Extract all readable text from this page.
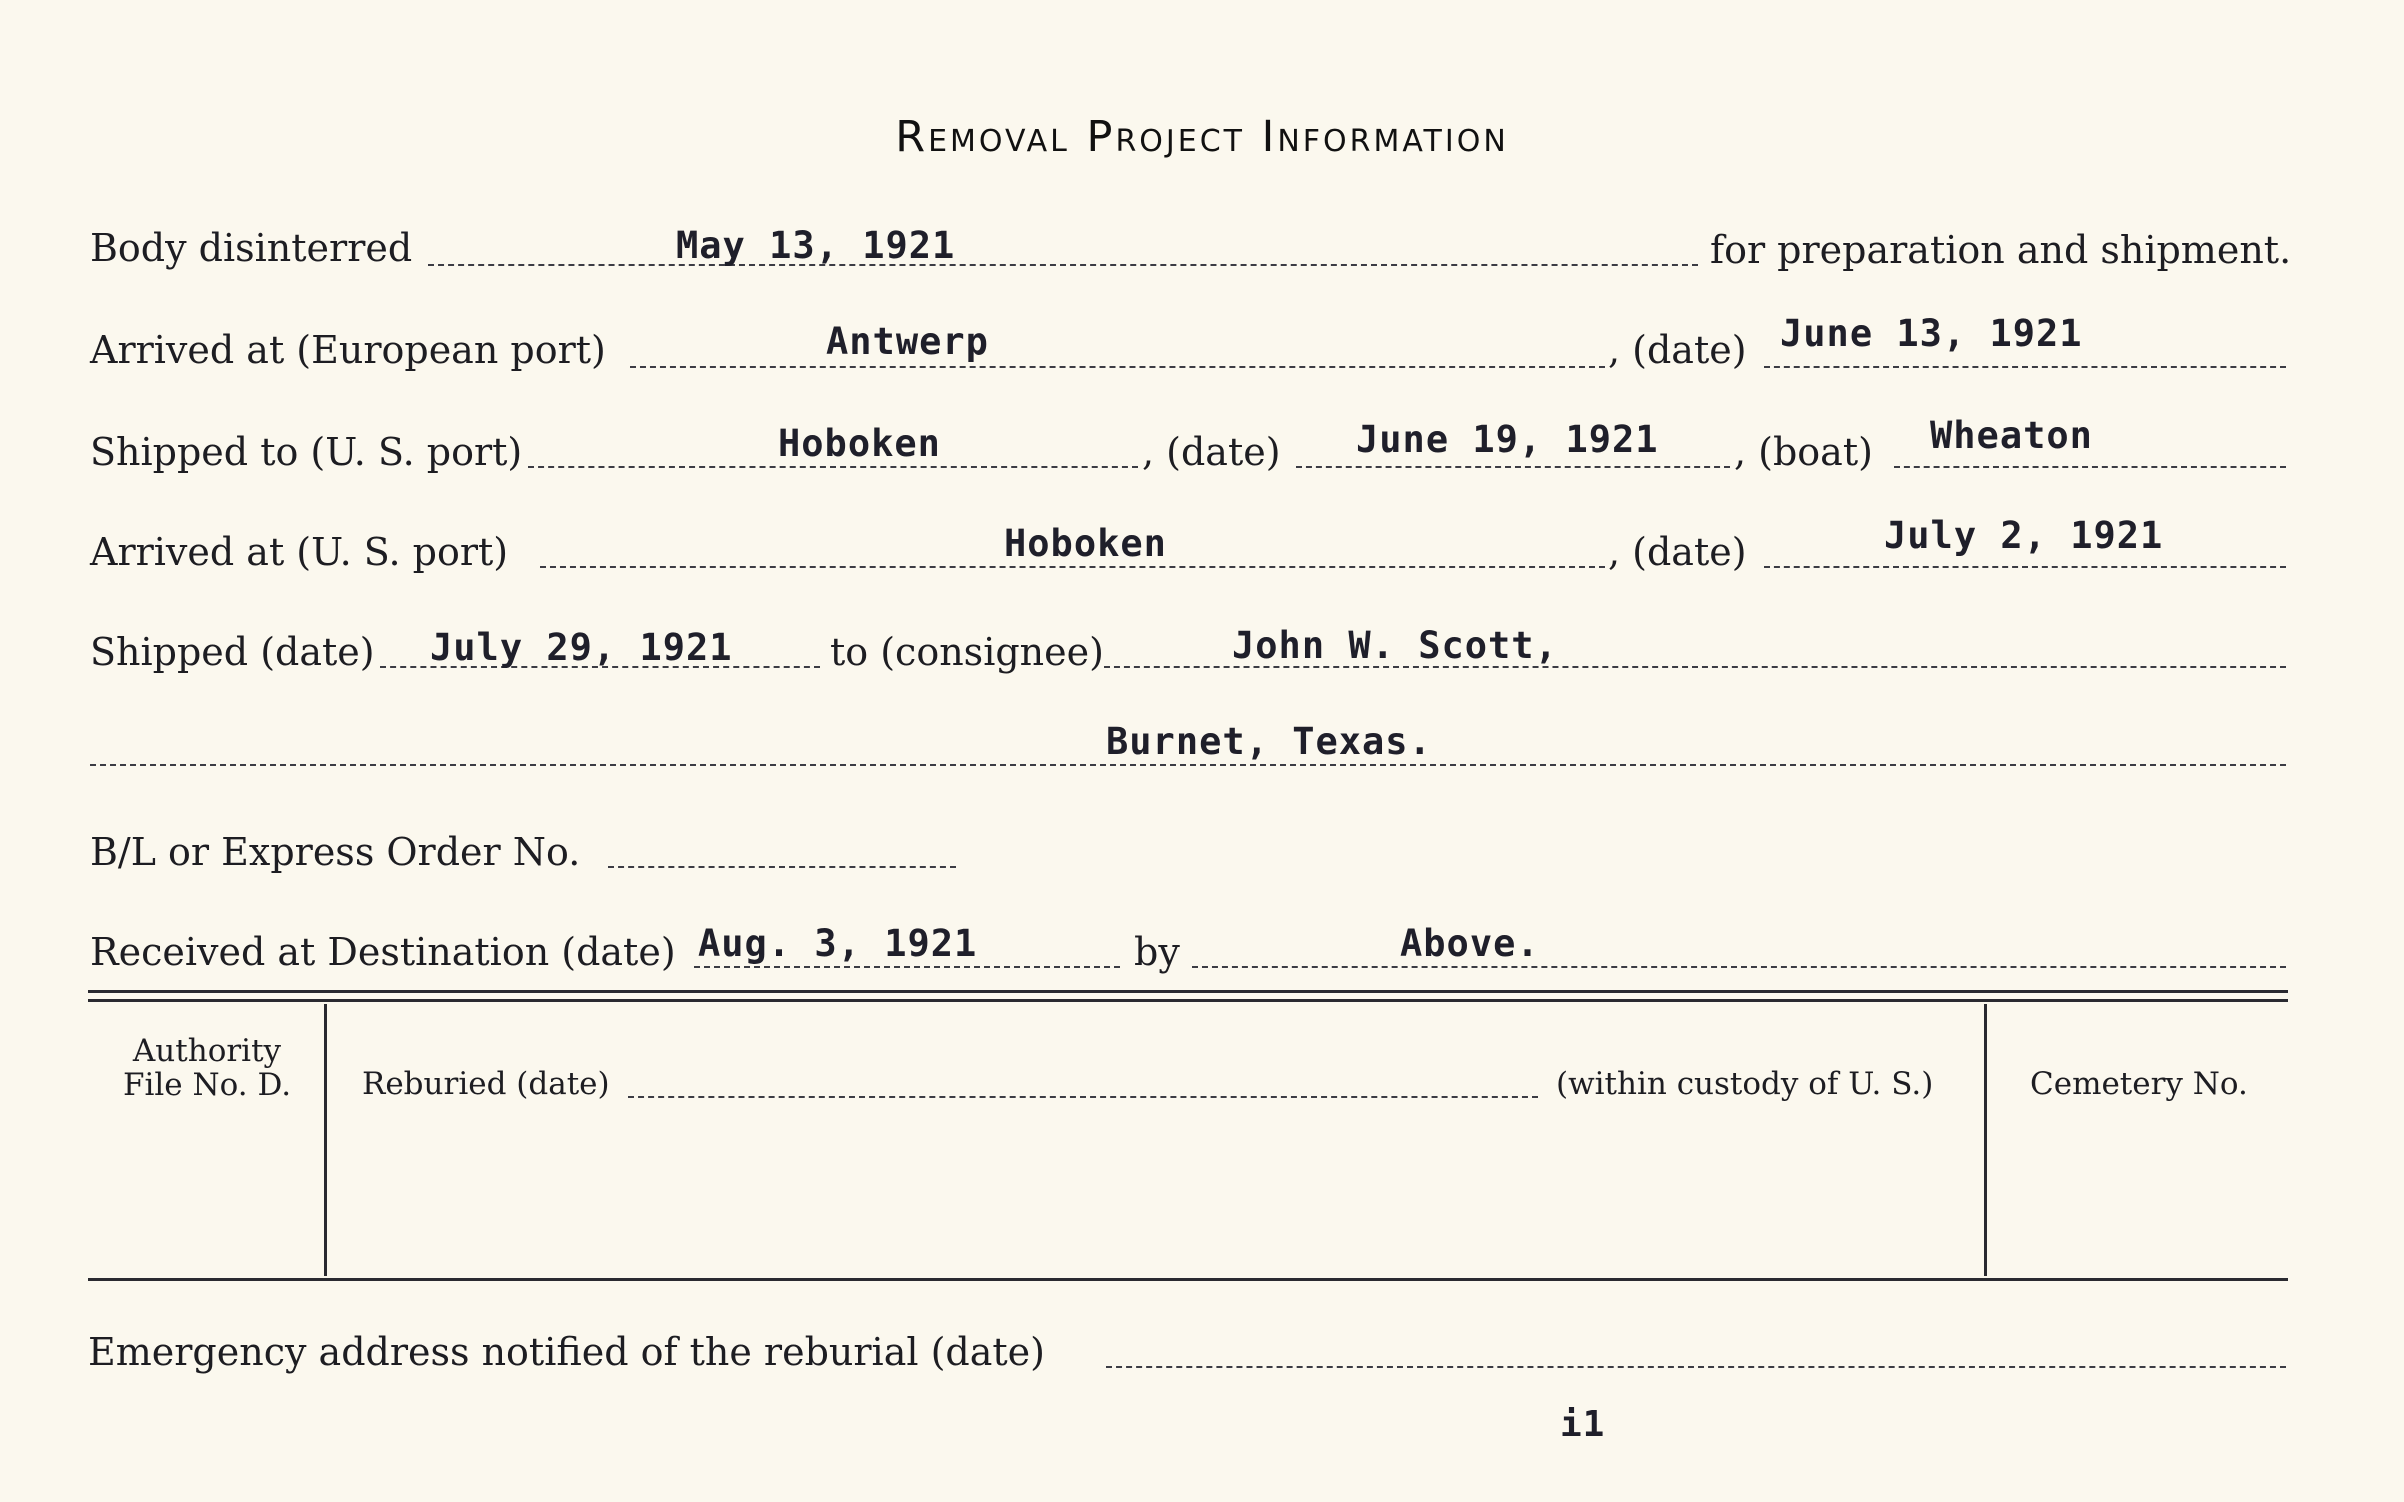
Removal Project Information
Body disinterred	May 13, 1921	for preparation and shipment.
Arrived at (European port)	Antwerp	, (date) June 13, 1921
Shipped to (U. S. port)	Hoboken	, (date) June 19, 1921 , (boat) Wheaton
Arrived at (U. S. port)	Hoboken	, (date)	July 2, 1921
Shipped (date) July 29, 1921	to (consignee)	John W. Scott,
Burnet, Texas.
B/L or Express Order No.
Received at Destination (date) Aug. 3, 1921	by	Above.
Authority
File No. D.	Reburied (date)	(within custody of U. S.)	Cemetery No.
Emergency address notified of the reburial (date)
i1
